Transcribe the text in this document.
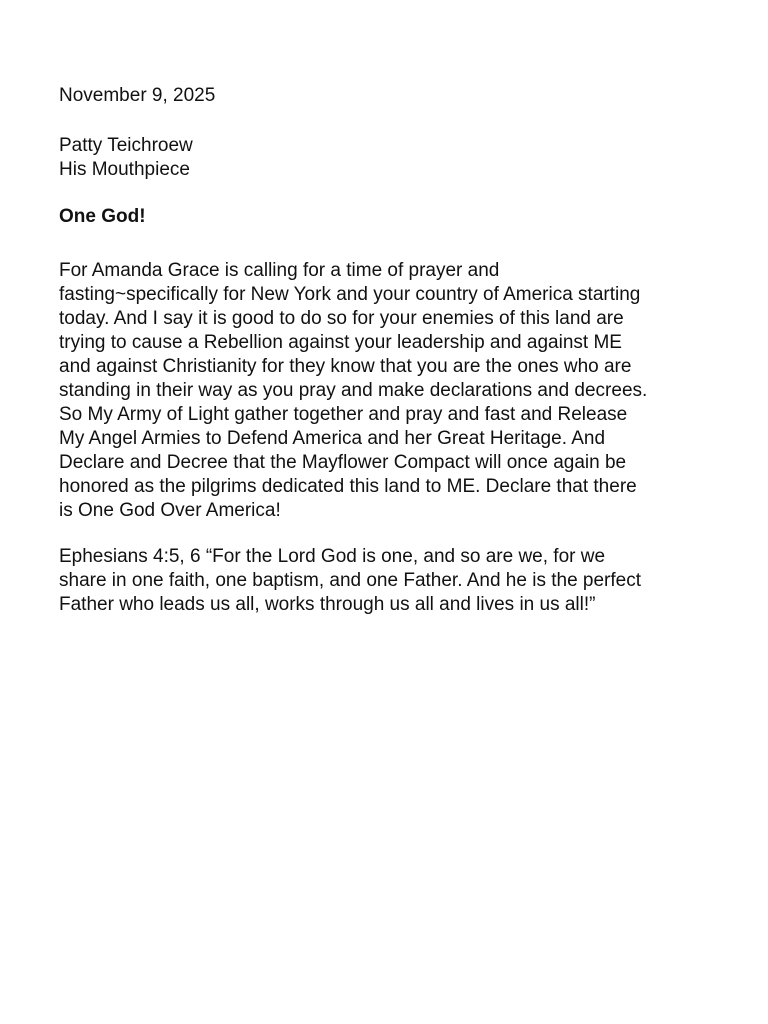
November 9, 2025
Patty Teichroew
His Mouthpiece
One God!
For Amanda Grace is calling for a time of prayer and
fasting~specifically for New York and your country of America starting
today. And I say it is good to do so for your enemies of this land are
trying to cause a Rebellion against your leadership and against ME
and against Christianity for they know that you are the ones who are
standing in their way as you pray and make declarations and decrees.
So My Army of Light gather together and pray and fast and Release
My Angel Armies to Defend America and her Great Heritage. And
Declare and Decree that the Mayflower Compact will once again be
honored as the pilgrims dedicated this land to ME. Declare that there
is One God Over America!
Ephesians 4:5, 6 “For the Lord God is one, and so are we, for we
share in one faith, one baptism, and one Father. And he is the perfect
Father who leads us all, works through us all and lives in us all!”
